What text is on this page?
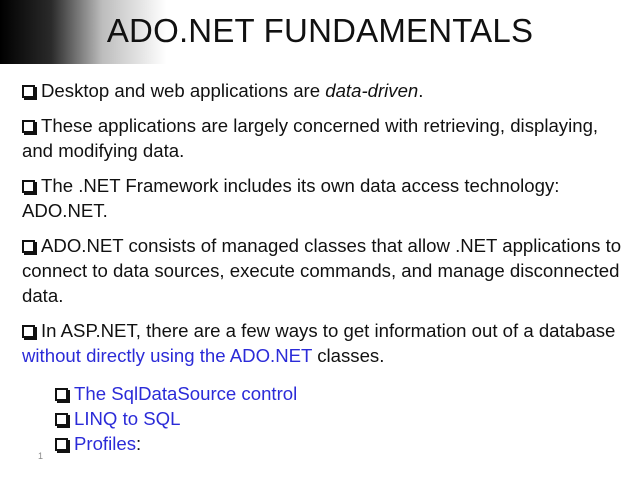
ADO.NET FUNDAMENTALS

Desktop and web applications are data-driven.

These applications are largely concerned with retrieving, displaying, and modifying data.

The .NET Framework includes its own data access technology: ADO.NET.

ADO.NET consists of managed classes that allow .NET applications to connect to data sources, execute commands, and manage disconnected data.

In ASP.NET, there are a few ways to get information out of a database without directly using the ADO.NET classes.

The SqlDataSource control
LINQ to SQL
Profiles:
1
